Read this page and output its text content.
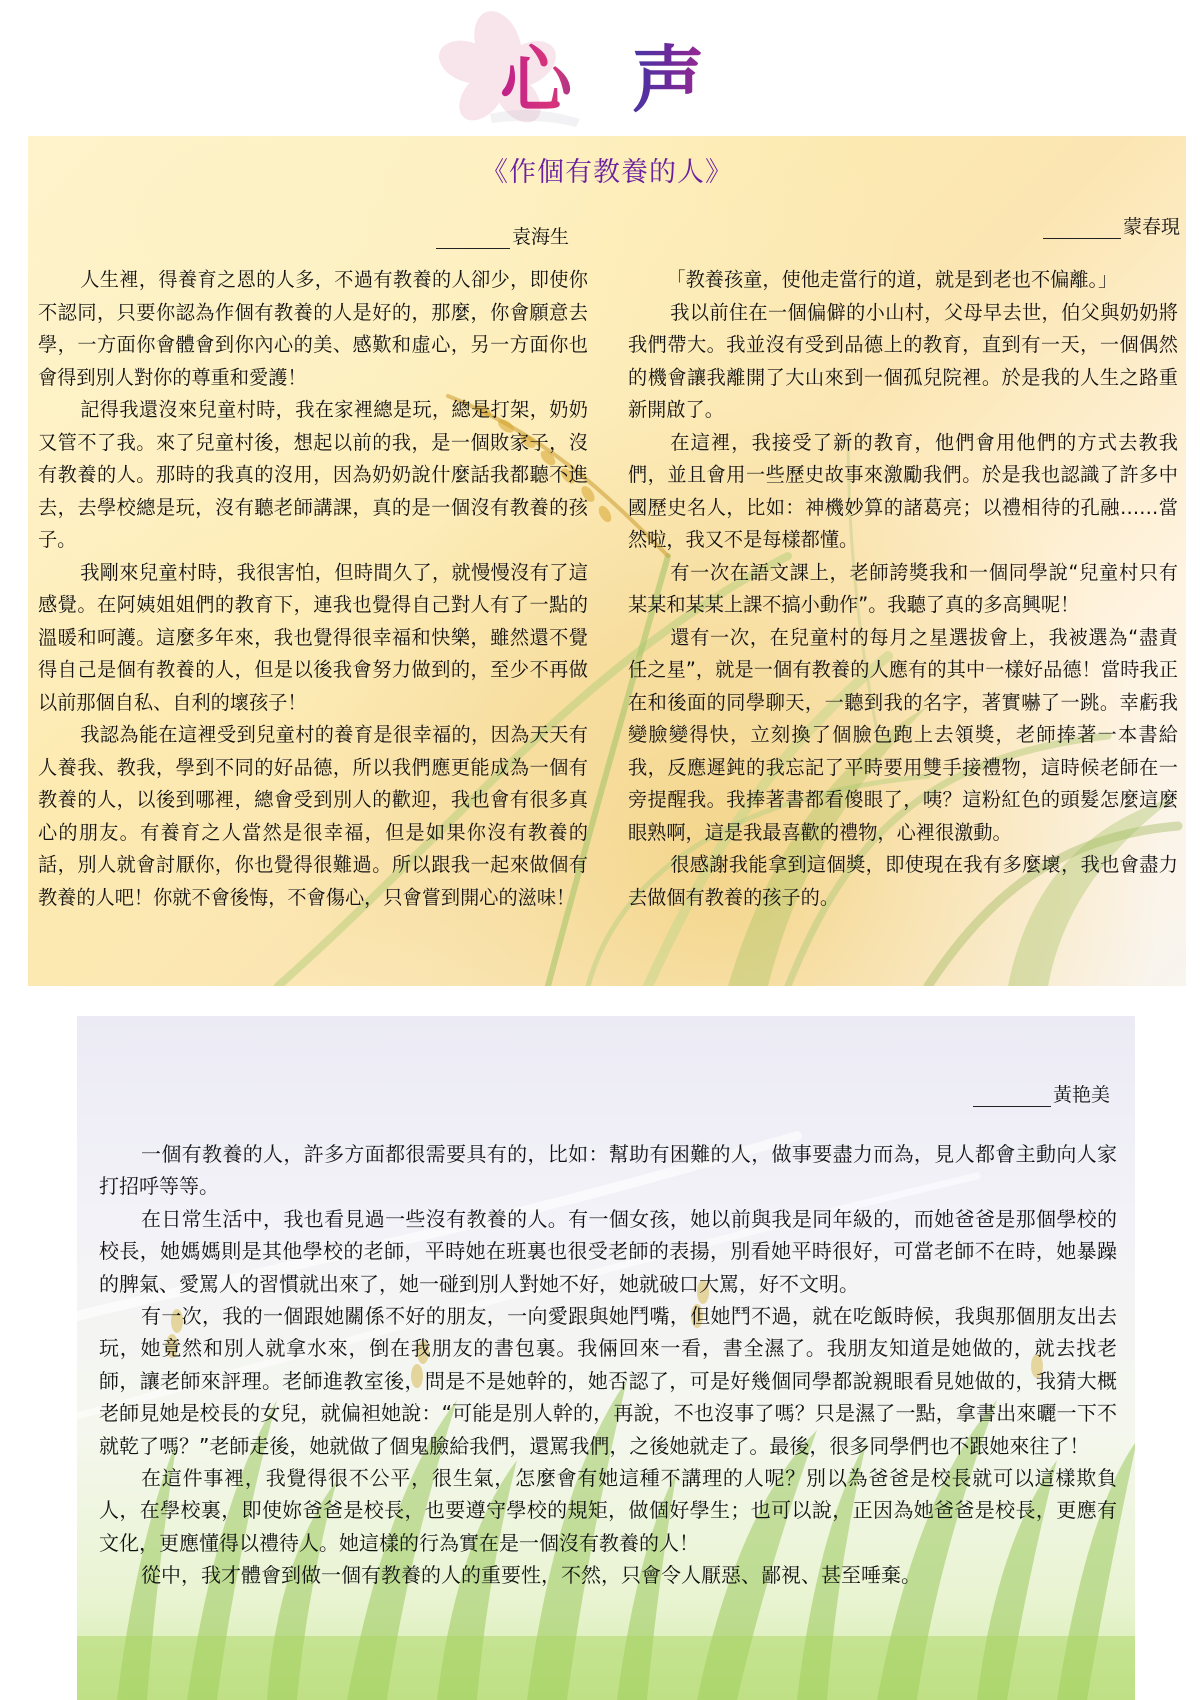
心声
《作個有教養的人》
袁海生	蒙春現

人生裡，得養育之恩的人多，不過有教養的人卻少，即使你不認同，只要你認為作個有教養的人是好的，那麼，你會願意去學，一方面你會體會到你內心的美、感歎和虛心，另一方面你也會得到別人對你的尊重和愛護！

記得我還沒來兒童村時，我在家裡總是玩，總是打架，奶奶又管不了我。來了兒童村後，想起以前的我，是一個敗家子，沒有教養的人。那時的我真的沒用，因為奶奶說什麼話我都聽不進去，去學校總是玩，沒有聽老師講課，真的是一個沒有教養的孩子。

我剛來兒童村時，我很害怕，但時間久了，就慢慢沒有了這感覺。在阿姨姐姐們的教育下，連我也覺得自己對人有了一點的溫暖和呵護。這麼多年來，我也覺得很幸福和快樂，雖然還不覺得自己是個有教養的人，但是以後我會努力做到的，至少不再做以前那個自私、自利的壞孩子！

我認為能在這裡受到兒童村的養育是很幸福的，因為天天有人養我、教我，學到不同的好品德，所以我們應更能成為一個有教養的人，以後到哪裡，總會受到別人的歡迎，我也會有很多真心的朋友。有養育之人當然是很幸福，但是如果你沒有教養的話，別人就會討厭你，你也覺得很難過。所以跟我一起來做個有教養的人吧！你就不會後悔，不會傷心，只會嘗到開心的滋味！

「教養孩童，使他走當行的道，就是到老也不偏離。」

我以前住在一個偏僻的小山村，父母早去世，伯父與奶奶將我們帶大。我並沒有受到品德上的教育，直到有一天，一個偶然的機會讓我離開了大山來到一個孤兒院裡。於是我的人生之路重新開啟了。

在這裡，我接受了新的教育，他們會用他們的方式去教我們，並且會用一些歷史故事來激勵我們。於是我也認識了許多中國歷史名人，比如：神機妙算的諸葛亮；以禮相待的孔融……當然啦，我又不是每樣都懂。

有一次在語文課上，老師誇獎我和一個同學說“兒童村只有某某和某某上課不搞小動作”。我聽了真的多高興呢！

還有一次，在兒童村的每月之星選拔會上，我被選為“盡責任之星”，就是一個有教養的人應有的其中一樣好品德！當時我正在和後面的同學聊天，一聽到我的名字，著實嚇了一跳。幸虧我變臉變得快，立刻換了個臉色跑上去領獎，老師捧著一本書給我，反應遲鈍的我忘記了平時要用雙手接禮物，這時候老師在一旁提醒我。我捧著書都看傻眼了，咦？這粉紅色的頭髮怎麼這麼眼熟啊，這是我最喜歡的禮物，心裡很激動。

很感謝我能拿到這個獎，即使現在我有多麼壞，我也會盡力去做個有教養的孩子的。

黃艳美

一個有教養的人，許多方面都很需要具有的，比如：幫助有困難的人，做事要盡力而為，見人都會主動向人家打招呼等等。

在日常生活中，我也看見過一些沒有教養的人。有一個女孩，她以前與我是同年級的，而她爸爸是那個學校的校長，她媽媽則是其他學校的老師，平時她在班裏也很受老師的表揚，別看她平時很好，可當老師不在時，她暴躁的脾氣、愛罵人的習慣就出來了，她一碰到別人對她不好，她就破口大罵，好不文明。

有一次，我的一個跟她關係不好的朋友，一向愛跟與她鬥嘴，但她鬥不過，就在吃飯時候，我與那個朋友出去玩，她竟然和別人就拿水來，倒在我朋友的書包裏。我倆回來一看，書全濕了。我朋友知道是她做的，就去找老師，讓老師來評理。老師進教室後，問是不是她幹的，她否認了，可是好幾個同學都說親眼看見她做的，我猜大概老師見她是校長的女兒，就偏袒她說：“可能是別人幹的，再說，不也沒事了嗎？只是濕了一點，拿書出來曬一下不就乾了嗎？”老師走後，她就做了個鬼臉給我們，還罵我們，之後她就走了。最後，很多同學們也不跟她來往了！

在這件事裡，我覺得很不公平，很生氣，怎麼會有她這種不講理的人呢？別以為爸爸是校長就可以這樣欺負人，在學校裏，即使妳爸爸是校長，也要遵守學校的規矩，做個好學生；也可以說，正因為她爸爸是校長，更應有文化，更應懂得以禮待人。她這樣的行為實在是一個沒有教養的人！

從中，我才體會到做一個有教養的人的重要性，不然，只會令人厭惡、鄙視、甚至唾棄。
